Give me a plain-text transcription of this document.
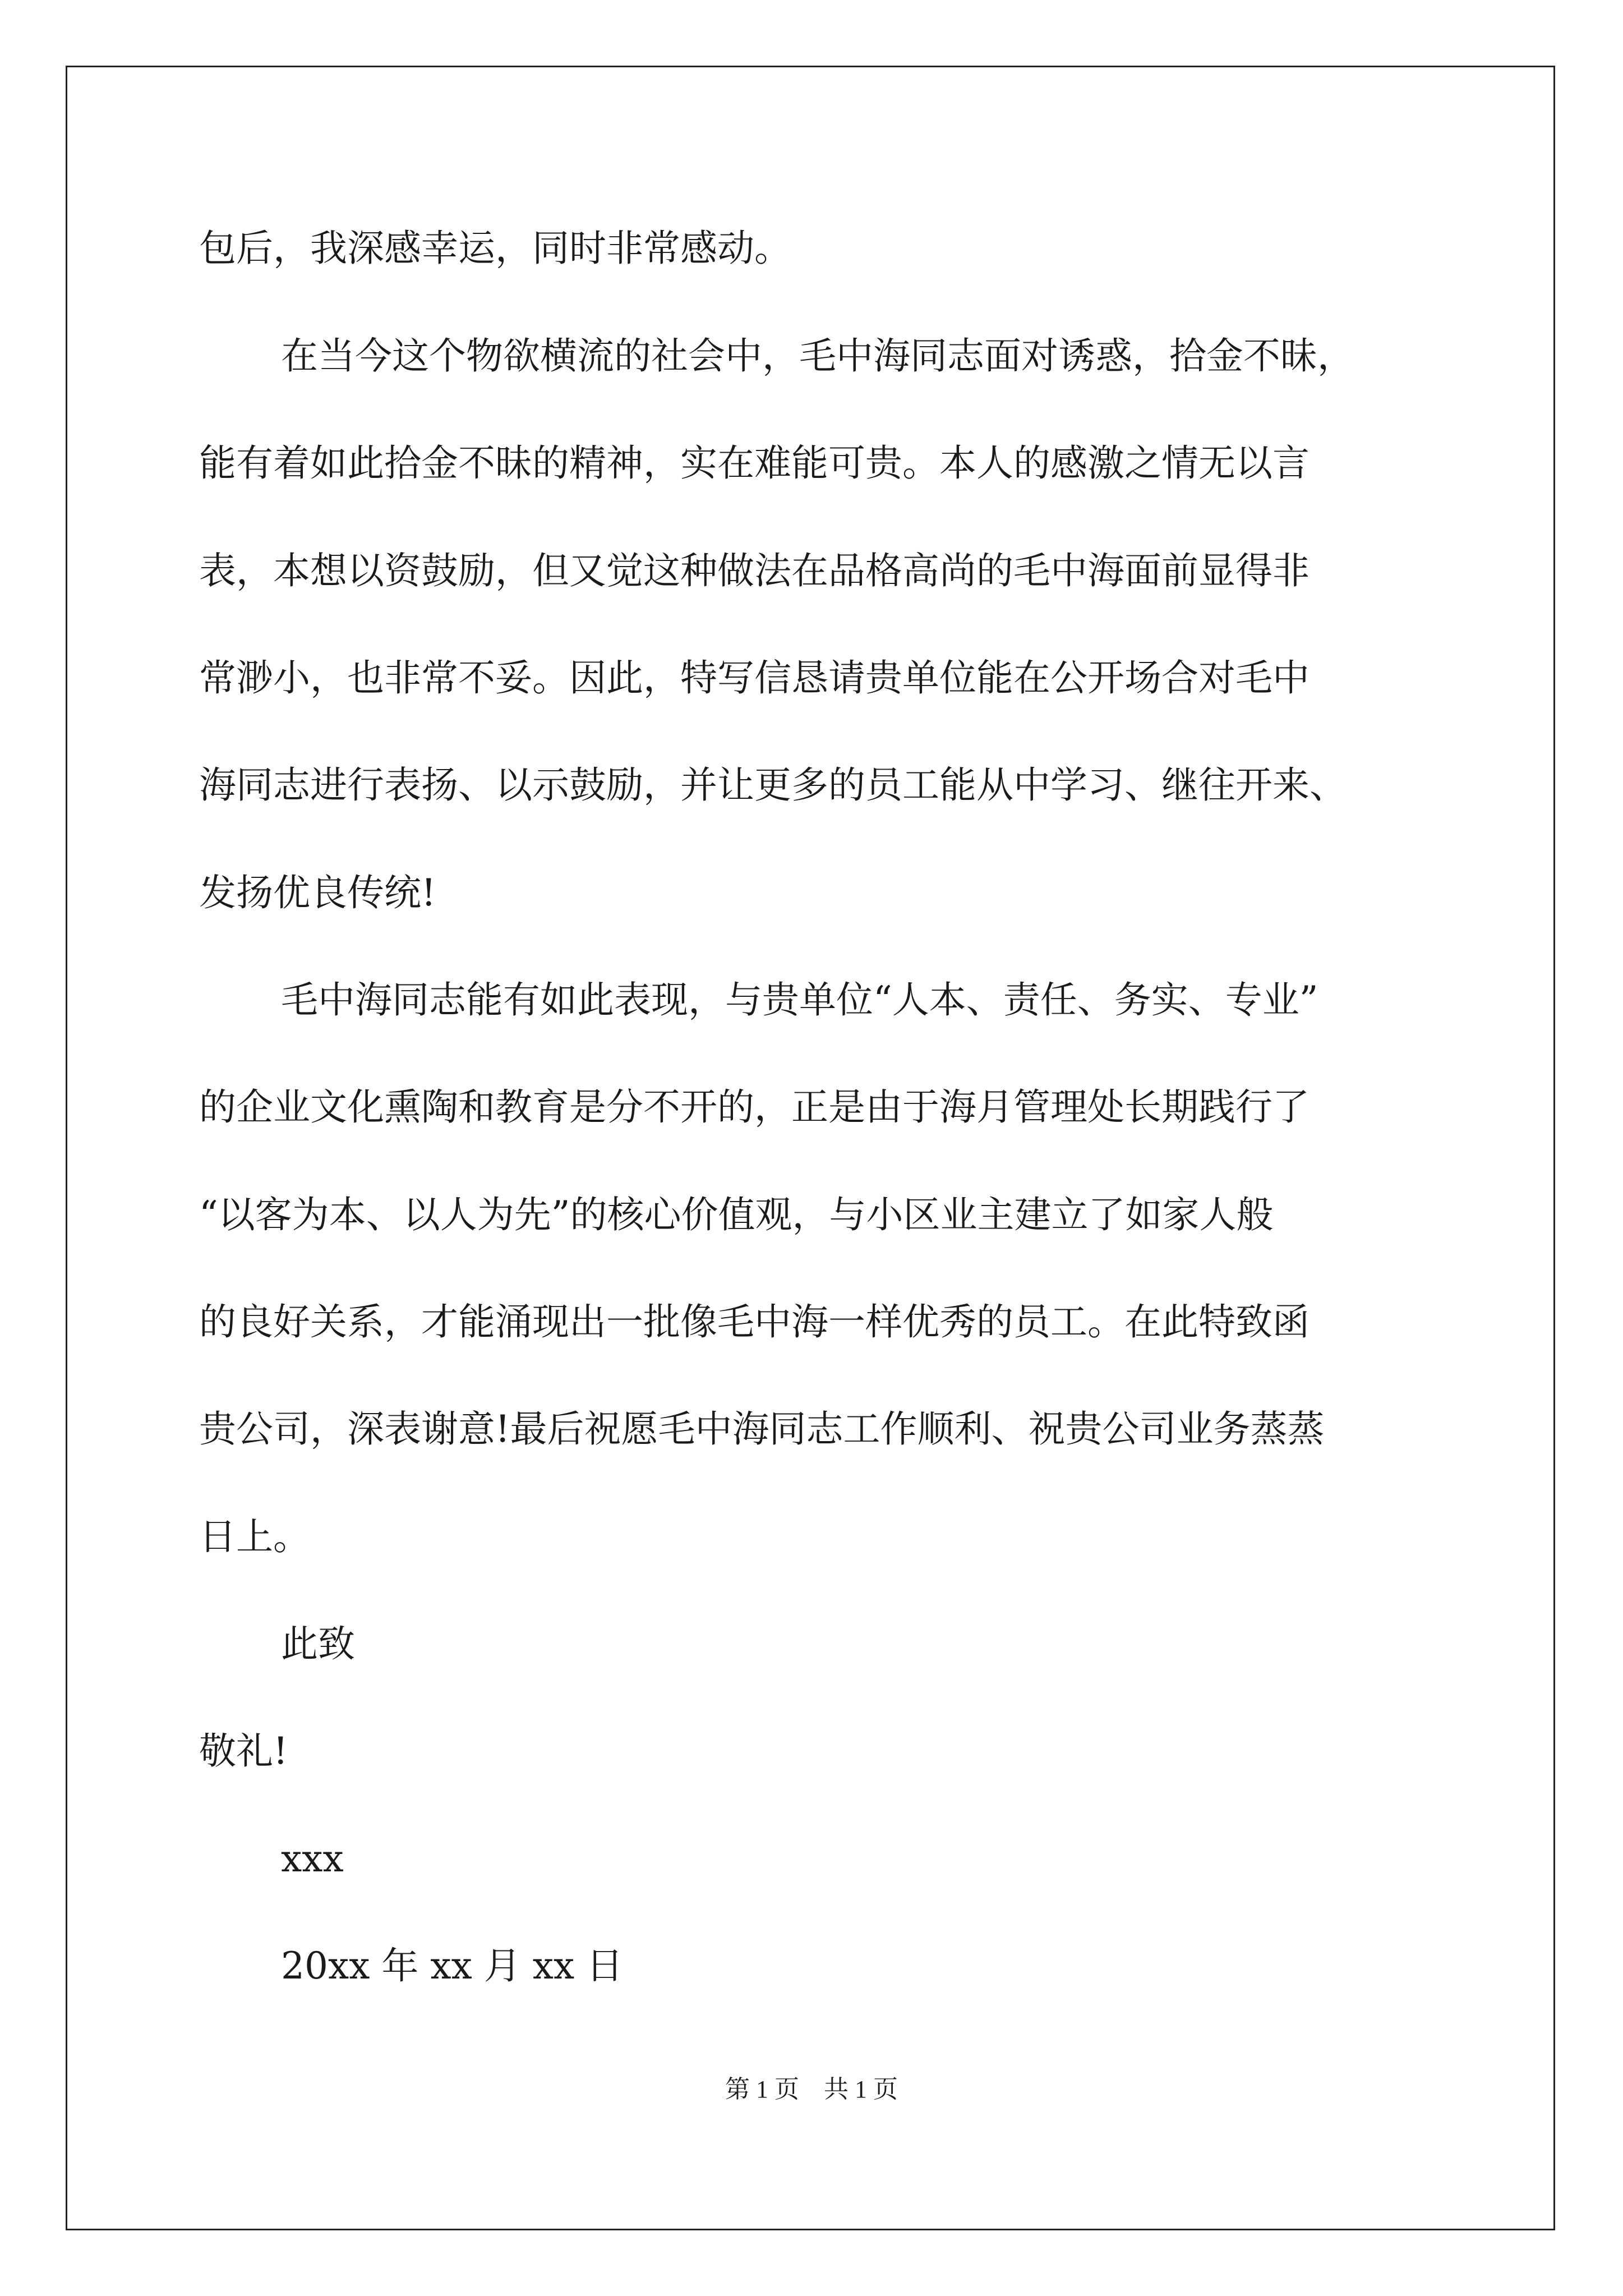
包后，我深感幸运，同时非常感动。
在当今这个物欲横流的社会中，毛中海同志面对诱惑，拾金不昧，
能有着如此拾金不昧的精神，实在难能可贵。本人的感激之情无以言
表，本想以资鼓励，但又觉这种做法在品格高尚的毛中海面前显得非
常渺小，也非常不妥。因此，特写信恳请贵单位能在公开场合对毛中
海同志进行表扬、以示鼓励，并让更多的员工能从中学习、继往开来、
发扬优良传统!
毛中海同志能有如此表现，与贵单位“人本、责任、务实、专业”
的企业文化熏陶和教育是分不开的，正是由于海月管理处长期践行了
“以客为本、以人为先”的核心价值观，与小区业主建立了如家人般
的良好关系，才能涌现出一批像毛中海一样优秀的员工。在此特致函
贵公司，深表谢意!最后祝愿毛中海同志工作顺利、祝贵公司业务蒸蒸
日上。
此致
敬礼!
xxx
20xx 年 xx 月 xx 日
第 1 页 共 1 页
